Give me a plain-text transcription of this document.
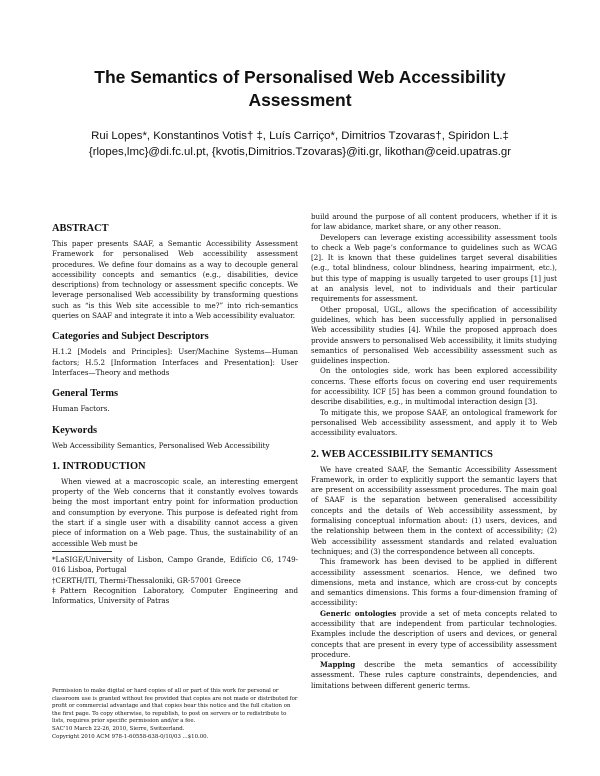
The Semantics of Personalised Web Accessibility
Assessment
Rui Lopes*, Konstantinos Votis† ‡, Luís Carriço*, Dimitrios Tzovaras†, Spiridon L.‡
{rlopes,lmc}@di.fc.ul.pt, {kvotis,Dimitrios.Tzovaras}@iti.gr, likothan@ceid.upatras.gr
ABSTRACT

This paper presents SAAF, a Semantic Accessibility Assessment Framework for personalised Web accessibility assessment procedures. We define four domains as a way to decouple general accessibility concepts and semantics (e.g., disabilities, device descriptions) from technology or assessment specific concepts. We leverage personalised Web accessibility by transforming questions such as “is this Web site accessible to me?” into rich-semantics queries on SAAF and integrate it into a Web accessibility evaluator.

Categories and Subject Descriptors

H.1.2 [Models and Principles]: User/Machine Systems—Human factors; H.5.2 [Information Interfaces and Presentation]: User Interfaces—Theory and methods

General Terms

Human Factors.

Keywords

Web Accessibility Semantics, Personalised Web Accessibility

1. INTRODUCTION

When viewed at a macroscopic scale, an interesting emergent property of the Web concerns that it constantly evolves towards being the most important entry point for information production and consumption by everyone. This purpose is defeated right from the start if a single user with a disability cannot access a given piece of information on a Web page. Thus, the sustainability of an accessible Web must be

*LaSIGE/University of Lisbon, Campo Grande, Edifício C6, 1749-016 Lisboa, Portugal

†CERTH/ITI, Thermi-Thessaloniki, GR-57001 Greece

‡Pattern Recognition Laboratory, Computer Engineering and Informatics, University of Patras

Permission to make digital or hard copies of all or part of this work for personal or classroom use is granted without fee provided that copies are not made or distributed for profit or commercial advantage and that copies bear this notice and the full citation on the first page. To copy otherwise, to republish, to post on servers or to redistribute to lists, requires prior specific permission and/or a fee.

SAC’10 March 22-26, 2010, Sierre, Switzerland.

Copyright 2010 ACM 978-1-60558-638-0/10/03 ...$10.00.

build around the purpose of all content producers, whether if it is for law abidance, market share, or any other reason.

Developers can leverage existing accessibility assessment tools to check a Web page’s conformance to guidelines such as WCAG [2]. It is known that these guidelines target several disabilities (e.g., total blindness, colour blindness, hearing impairment, etc.), but this type of mapping is usually targeted to user groups [1] just at an analysis level, not to individuals and their particular requirements for assessment.

Other proposal, UGL, allows the specification of accessibility guidelines, which has been successfully applied in personalised Web accessibility studies [4]. While the proposed approach does provide answers to personalised Web accessibility, it limits studying semantics of personalised Web accessibility assessment such as guidelines inspection.

On the ontologies side, work has been explored accessibility concerns. These efforts focus on covering end user requirements for accessibility. ICF [5] has been a common ground foundation to describe disabilities, e.g., in multimodal interaction design [3].

To mitigate this, we propose SAAF, an ontological framework for personalised Web accessibility assessment, and apply it to Web accessibility evaluators.

2. WEB ACCESSIBILITY SEMANTICS

We have created SAAF, the Semantic Accessibility Assessment Framework, in order to explicitly support the semantic layers that are present on accessibility assessment procedures. The main goal of SAAF is the separation between generalised accessibility concepts and the details of Web accessibility assessment, by formalising conceptual information about: (1) users, devices, and the relationship between them in the context of accessibility; (2) Web accessibility assessment standards and related evaluation techniques; and (3) the correspondence between all concepts.

This framework has been devised to be applied in different accessibility assessment scenarios. Hence, we defined two dimensions, meta and instance, which are cross-cut by concepts and semantics dimensions. This forms a four-dimension framing of accessibility:

Generic ontologies provide a set of meta concepts related to accessibility that are independent from particular technologies. Examples include the description of users and devices, or general concepts that are present in every type of accessibility assessment procedure.

Mapping describe the meta semantics of accessibility assessment. These rules capture constraints, dependencies, and limitations between different generic terms.
